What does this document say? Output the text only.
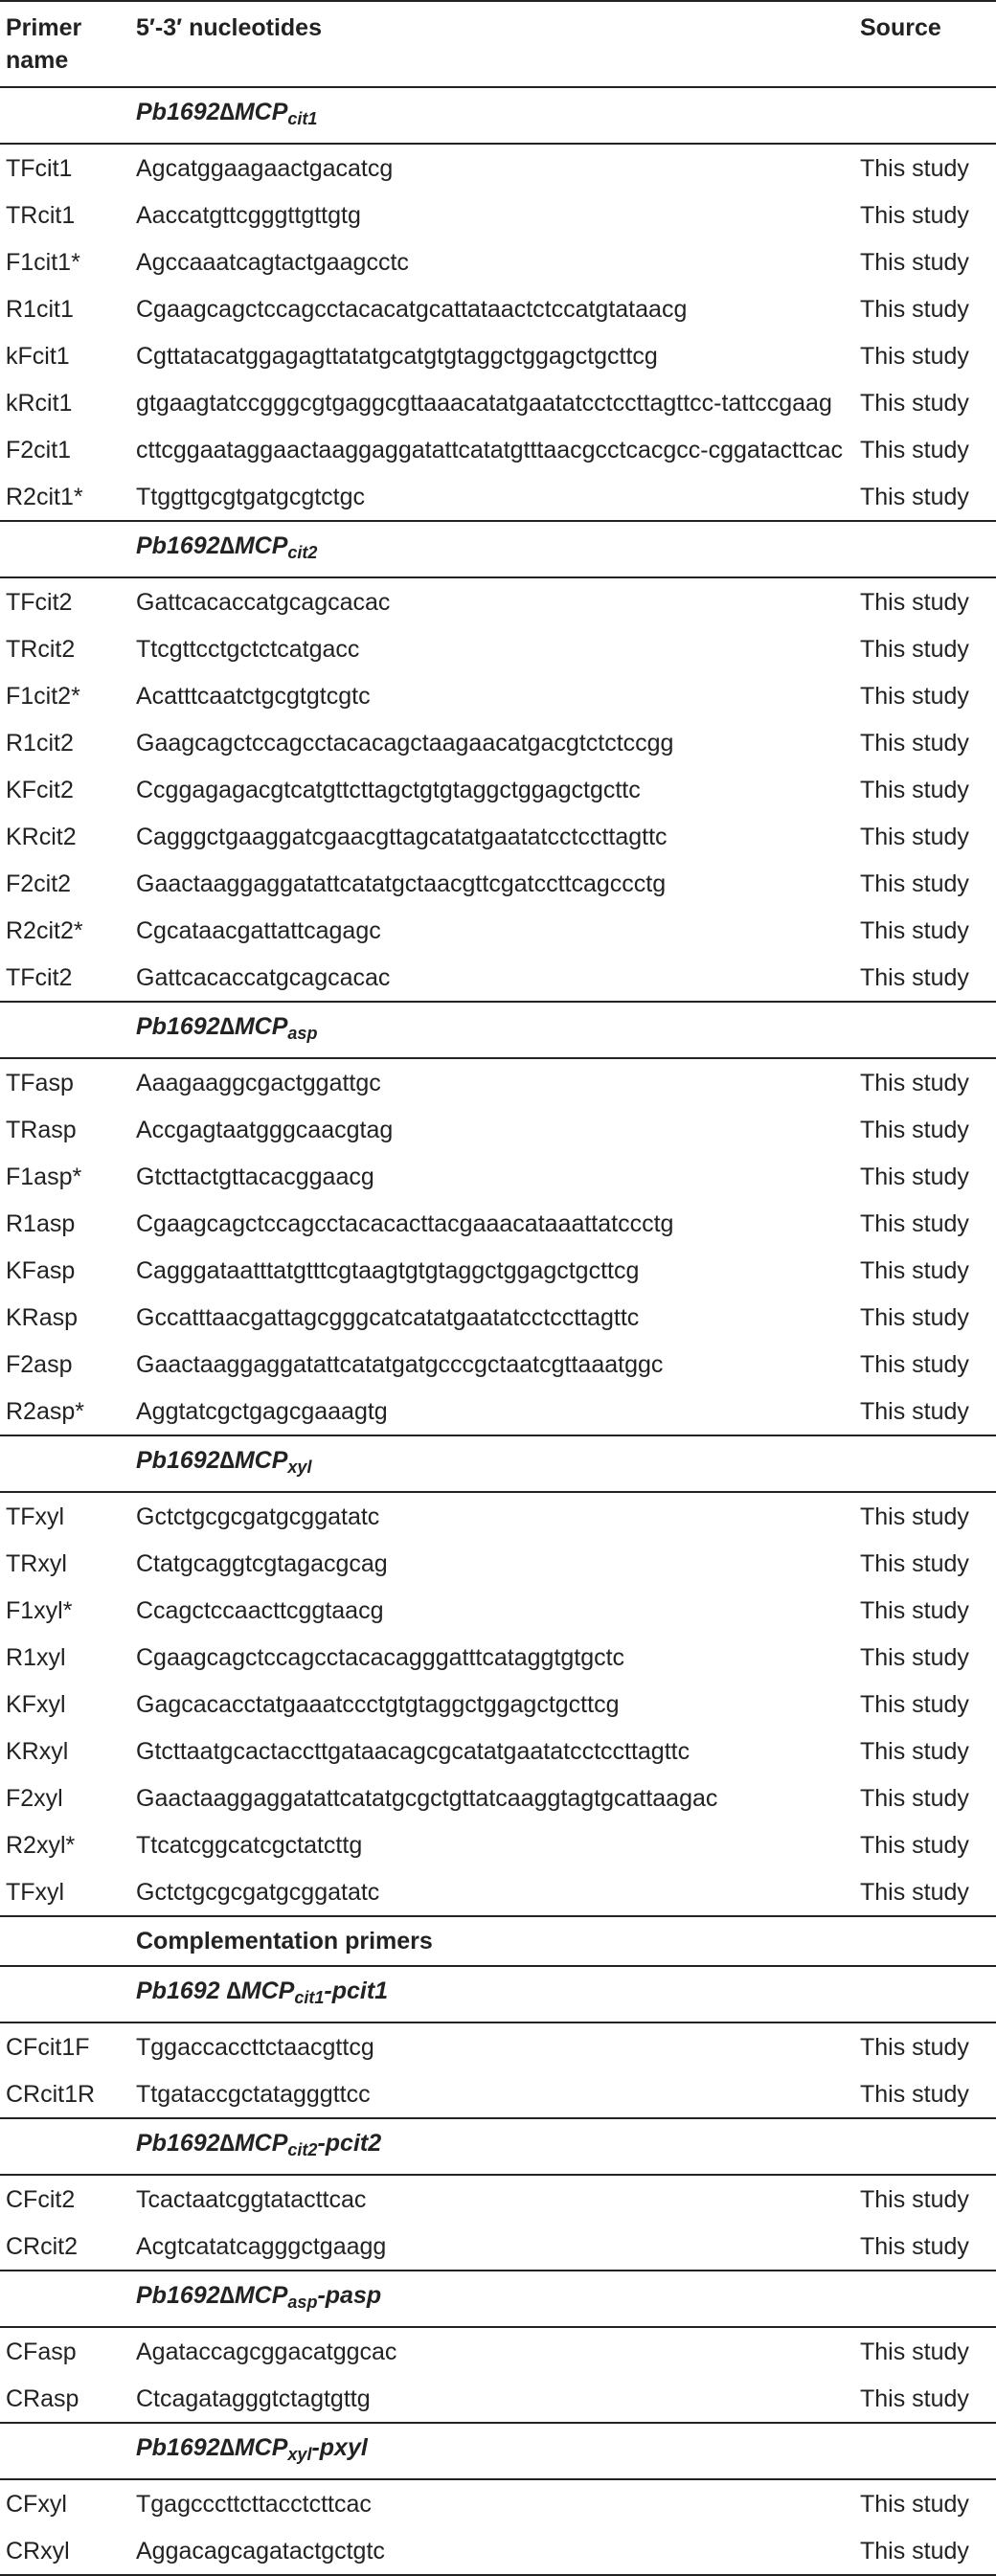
Primer name	5′-3′ nucleotides	Source
	$Pb1692\Delta MCP_{cit1}$
TFcit1	Agcatggaagaactgacatcg	This study
TRcit1	Aaccatgttcgggttgttgtg	This study
F1cit1*	Agccaaatcagtactgaagcctc	This study
R1cit1	Cgaagcagctccagcctacacatgcattataactctccatgtataacg	This study
kFcit1	Cgttatacatggagagttatatgcatgtgtaggctggagctgcttcg	This study
kRcit1	gtgaagtatccgggcgtgaggcgttaaacatatgaatatcctccttagttcc-tattccgaag	This study
F2cit1	cttcggaataggaactaaggaggatattcatatgtttaacgcctcacgcc-cggatacttcac	This study
R2cit1*	Ttggttgcgtgatgcgtctgc	This study
	$Pb1692\Delta MCP_{cit2}$
TFcit2	Gattcacaccatgcagcacac	This study
TRcit2	Ttcgttcctgctctcatgacc	This study
F1cit2*	Acatttcaatctgcgtgtcgtc	This study
R1cit2	Gaagcagctccagcctacacagctaagaacatgacgtctctccgg	This study
KFcit2	Ccggagagacgtcatgttcttagctgtgtaggctggagctgcttc	This study
KRcit2	Cagggctgaaggatcgaacgttagcatatgaatatcctccttagttc	This study
F2cit2	Gaactaaggaggatattcatatgctaacgttcgatccttcagccctg	This study
R2cit2*	Cgcataacgattattcagagc	This study
TFcit2	Gattcacaccatgcagcacac	This study
	$Pb1692\Delta MCP_{asp}$
TFasp	Aaagaaggcgactggattgc	This study
TRasp	Accgagtaatgggcaacgtag	This study
F1asp*	Gtcttactgttacacggaacg	This study
R1asp	Cgaagcagctccagcctacacacttacgaaacataaattatccctg	This study
KFasp	Cagggataatttatgtttcgtaagtgtgtaggctggagctgcttcg	This study
KRasp	Gccatttaacgattagcgggcatcatatgaatatcctccttagttc	This study
F2asp	Gaactaaggaggatattcatatgatgcccgctaatcgttaaatggc	This study
R2asp*	Aggtatcgctgagcgaaagtg	This study
	$Pb1692\Delta MCP_{xyl}$
TFxyl	Gctctgcgcgatgcggatatc	This study
TRxyl	Ctatgcaggtcgtagacgcag	This study
F1xyl*	Ccagctccaacttcggtaacg	This study
R1xyl	Cgaagcagctccagcctacacagggatttcataggtgtgctc	This study
KFxyl	Gagcacacctatgaaatccctgtgtaggctggagctgcttcg	This study
KRxyl	Gtcttaatgcactaccttgataacagcgcatatgaatatcctccttagttc	This study
F2xyl	Gaactaaggaggatattcatatgcgctgttatcaaggtagtgcattaagac	This study
R2xyl*	Ttcatcggcatcgctatcttg	This study
TFxyl	Gctctgcgcgatgcggatatc	This study
	Complementation primers	
	Pb1692 $\Delta MCP_{cit1}-pcit1$	
CFcit1F	Tggaccaccttctaacgttcg	This study
CRcit1R	Ttgataccgctatagggttcc	This study
	$Pb1692\Delta MCP_{cit2}-pcit2$	
CFcit2	Tcactaatcggtatacttcac	This study
CRcit2	Acgtcatatcagggctgaagg	This study
	$Pb1692\Delta MCP_{asp}$-pasp	
CFasp	Agataccagcggacatggcac	This study
CRasp	Ctcagatagggtctagtgttg	This study
	$Pb1692\Delta MCP_{xyl}$-pxyl	
CFxyl	Tgagcccttcttacctcttcac	This study
CRxyl	Aggacagcagatactgctgtc	This study
